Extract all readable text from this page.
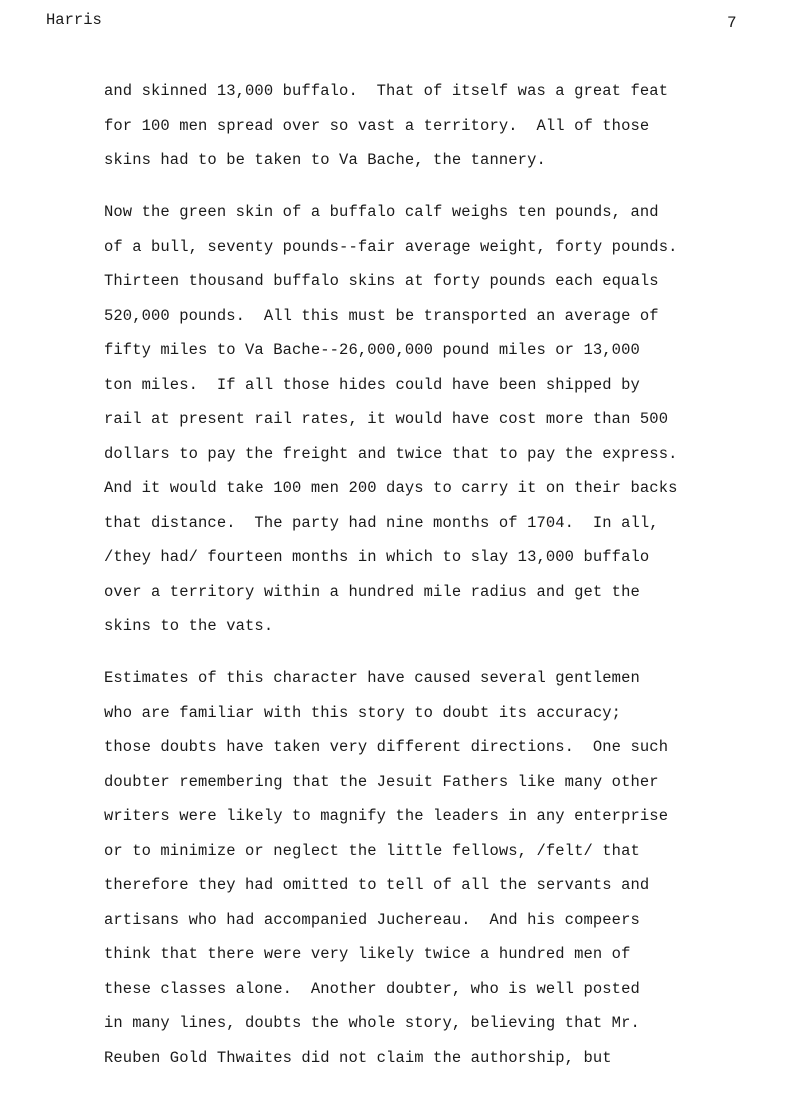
Harris	7
and skinned 13,000 buffalo.  That of itself was a great feat
for 100 men spread over so vast a territory.  All of those
skins had to be taken to Va Bache, the tannery.
Now the green skin of a buffalo calf weighs ten pounds, and
of a bull, seventy pounds--fair average weight, forty pounds.
Thirteen thousand buffalo skins at forty pounds each equals
520,000 pounds.  All this must be transported an average of
fifty miles to Va Bache--26,000,000 pound miles or 13,000
ton miles.  If all those hides could have been shipped by
rail at present rail rates, it would have cost more than 500
dollars to pay the freight and twice that to pay the express.
And it would take 100 men 200 days to carry it on their backs
that distance.  The party had nine months of 1704.  In all,
/they had/ fourteen months in which to slay 13,000 buffalo
over a territory within a hundred mile radius and get the
skins to the vats.
Estimates of this character have caused several gentlemen
who are familiar with this story to doubt its accuracy;
those doubts have taken very different directions.  One such
doubter remembering that the Jesuit Fathers like many other
writers were likely to magnify the leaders in any enterprise
or to minimize or neglect the little fellows, /felt/ that
therefore they had omitted to tell of all the servants and
artisans who had accompanied Juchereau.  And his compeers
think that there were very likely twice a hundred men of
these classes alone.  Another doubter, who is well posted
in many lines, doubts the whole story, believing that Mr.
Reuben Gold Thwaites did not claim the authorship, but
